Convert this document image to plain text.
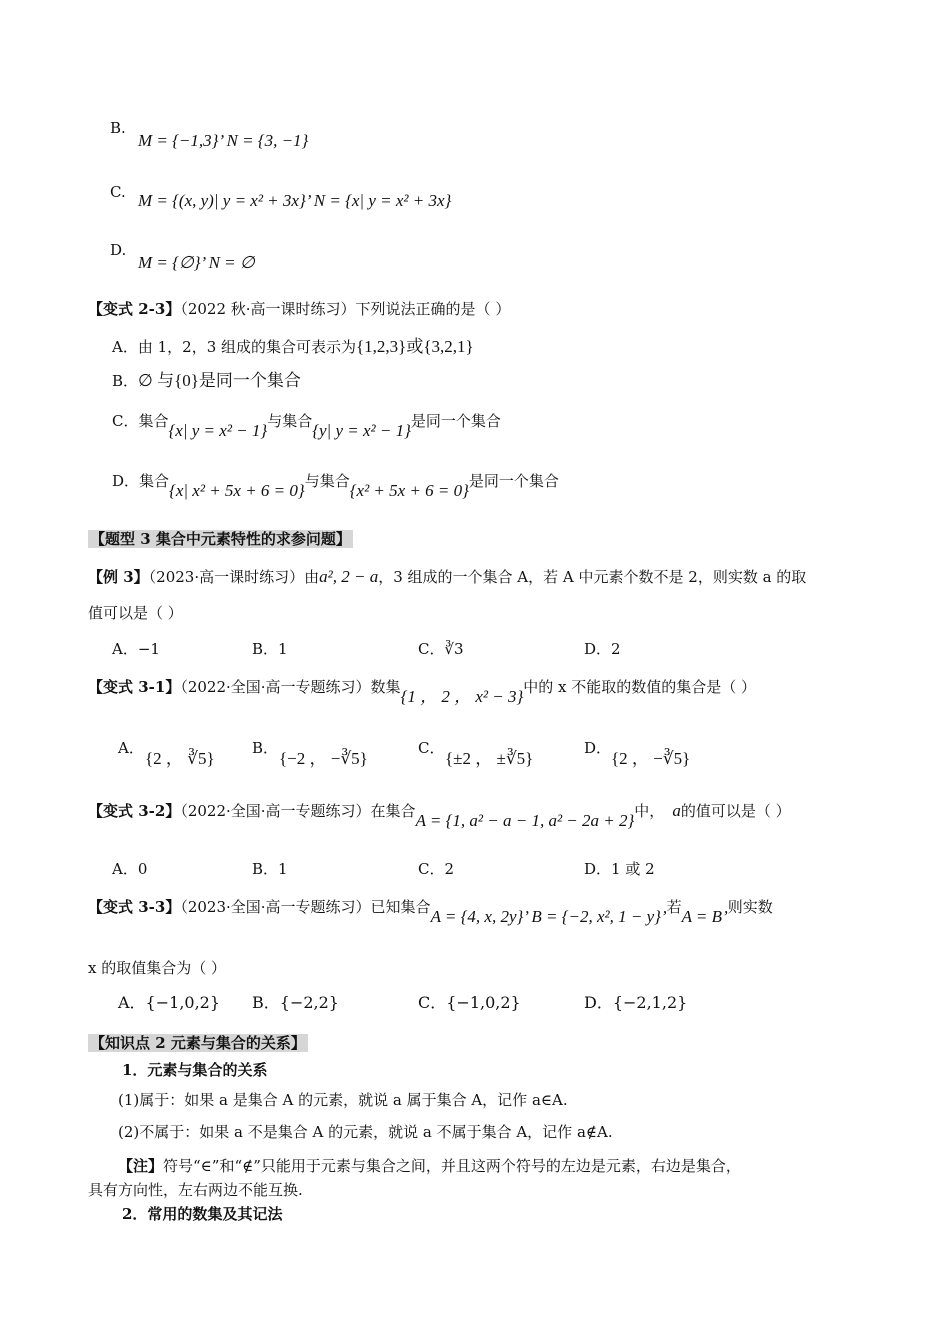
B.
M = {−1,3}’ N = {3, −1}
C. M = {(x, y)| y = x² + 3x}’ N = {x| y = x² + 3x}
D.
M = {∅}’ N = ∅
【变式 2-3】（2022 秋·高一课时练习）下列说法正确的是（ ）
A．由 1，2，3 组成的集合可表示为{1,2,3}或{3,2,1}
B．∅ 与{0}是同一个集合
C．集合{x| y = x² − 1}与集合{y| y = x² − 1}是同一个集合
D．集合{x| x² + 5x + 6 = 0}与集合{x² + 5x + 6 = 0}是同一个集合
【题型 3 集合中元素特性的求参问题】
【例 3】（2023·高一课时练习）由a², 2 − a，3 组成的一个集合 A，若 A 中元素个数不是 2，则实数 a 的取
值可以是（ ）
A．−1	B．1	C．∛3	D．2
【变式 3-1】（2022·全国·高一专题练习）数集{1 ， 2 ， x² − 3}中的 x 不能取的数值的集合是（ ）
A．
{2 ， ∛5}
B．
{−2 ， −∛5}
C．
{±2 ， ±∛5}
D．
{2 ， −∛5}
【变式 3-2】（2022·全国·高一专题练习）在集合A = {1, a² − a − 1, a² − 2a + 2}中， a的值可以是（ ）
A．0	B．1	C．2	D．1 或 2
【变式 3-3】（2023·全国·高一专题练习）已知集合A = {4, x, 2y}’ B = {−2, x², 1 − y}’若A = B’则实数
x 的取值集合为（ ）
A．{−1,0,2} B．{−2,2}	C．{−1,0,2}	D．{−2,1,2}
【知识点 2 元素与集合的关系】
1．元素与集合的关系
(1)属于：如果 a 是集合 A 的元素，就说 a 属于集合 A，记作 a∈A.
(2)不属于：如果 a 不是集合 A 的元素，就说 a 不属于集合 A，记作 a∉A.
【注】符号“∈”和“∉”只能用于元素与集合之间，并且这两个符号的左边是元素，右边是集合，
具有方向性，左右两边不能互换.
2．常用的数集及其记法
